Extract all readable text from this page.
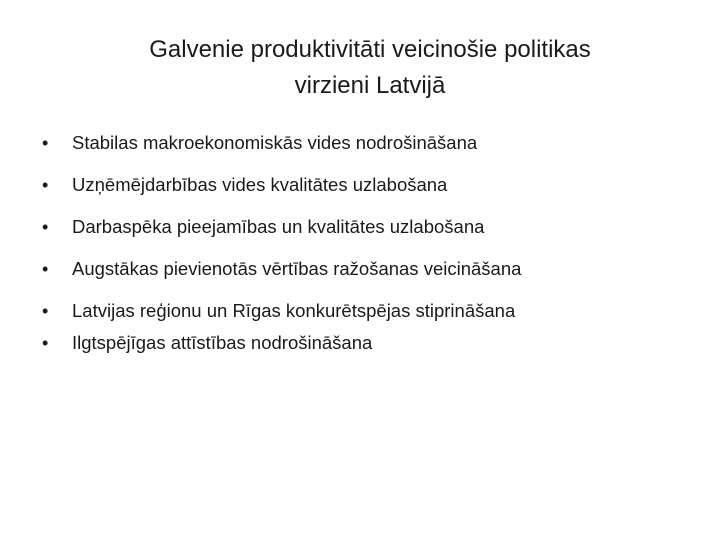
Galvenie produktivitāti veicinošie politikas
virzieni Latvijā
• Stabilas makroekonomiskās vides nodrošināšana
• Uzņēmējdarbības vides kvalitātes uzlabošana
• Darbaspēka pieejamības un kvalitātes uzlabošana
• Augstākas pievienotās vērtības ražošanas veicināšana
• Latvijas reģionu un Rīgas konkurētspējas stiprināšana
• Ilgtspējīgas attīstības nodrošināšana
